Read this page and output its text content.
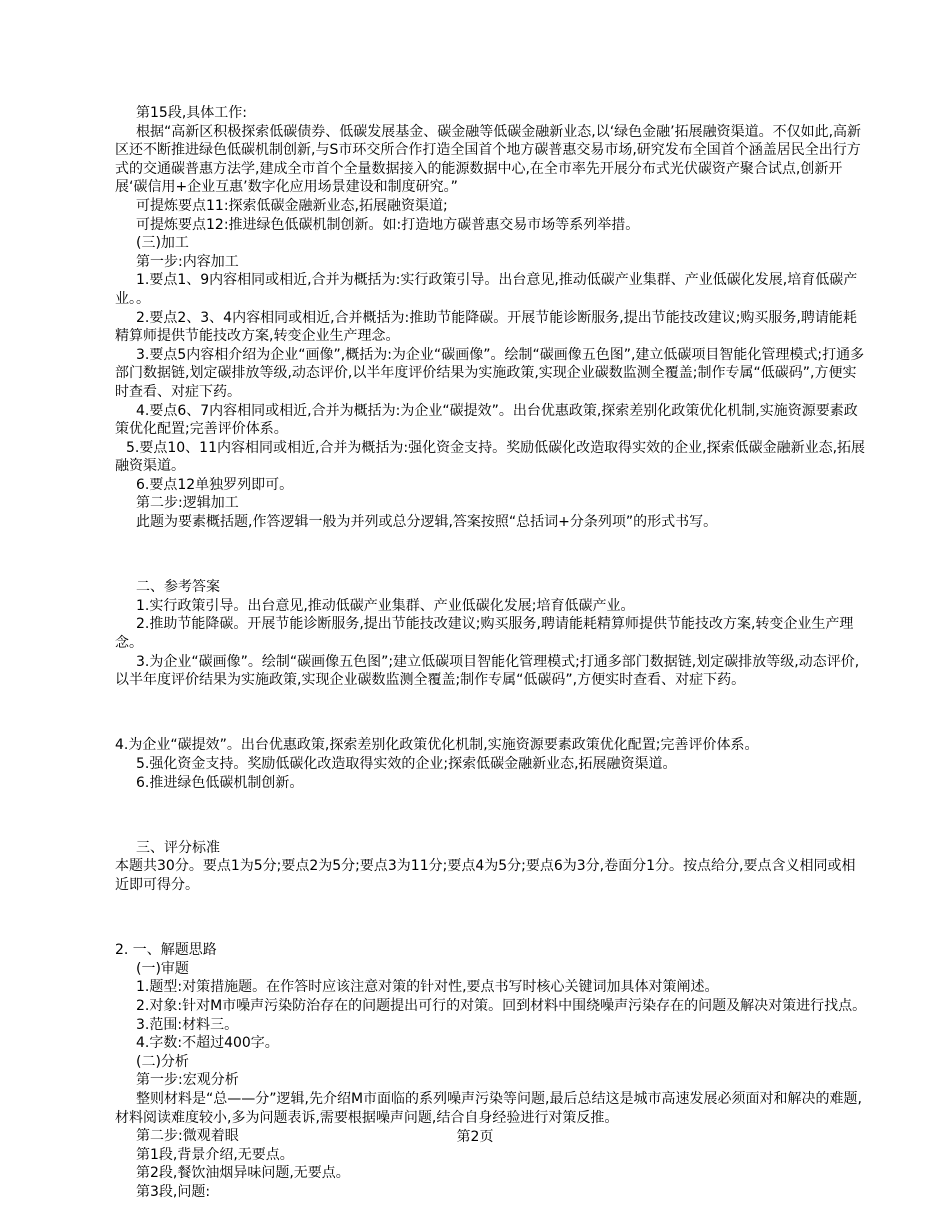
第15段,具体工作:

根据“高新区积极探索低碳债券、低碳发展基金、碳金融等低碳金融新业态,以‘绿色金融’拓展融资渠道。不仅如此,高新区还不断推进绿色低碳机制创新,与S市环交所合作打造全国首个地方碳普惠交易市场,研究发布全国首个涵盖居民全出行方式的交通碳普惠方法学,建成全市首个全量数据接入的能源数据中心,在全市率先开展分布式光伏碳资产聚合试点,创新开展‘碳信用+企业互惠’数字化应用场景建设和制度研究。”

可提炼要点11:探索低碳金融新业态,拓展融资渠道;

可提炼要点12:推进绿色低碳机制创新。如:打造地方碳普惠交易市场等系列举措。

(三)加工

第一步:内容加工

1.要点1、9内容相同或相近,合并为概括为:实行政策引导。出台意见,推动低碳产业集群、产业低碳化发展,培育低碳产业。。

2.要点2、3、4内容相同或相近,合并概括为:推助节能降碳。开展节能诊断服务,提出节能技改建议;购买服务,聘请能耗精算师提供节能技改方案,转变企业生产理念。

3.要点5内容相介绍为企业“画像”,概括为:为企业“碳画像”。绘制“碳画像五色图”,建立低碳项目智能化管理模式;打通多部门数据链,划定碳排放等级,动态评价,以半年度评价结果为实施政策,实现企业碳数监测全覆盖;制作专属“低碳码”,方便实时查看、对症下药。

4.要点6、7内容相同或相近,合并为概括为:为企业“碳提效”。出台优惠政策,探索差别化政策优化机制,实施资源要素政策优化配置;完善评价体系。

5.要点10、11内容相同或相近,合并为概括为:强化资金支持。奖励低碳化改造取得实效的企业,探索低碳金融新业态,拓展融资渠道。

6.要点12单独罗列即可。

第二步:逻辑加工

此题为要素概括题,作答逻辑一般为并列或总分逻辑,答案按照“总括词+分条列项”的形式书写。

二、参考答案

1.实行政策引导。出台意见,推动低碳产业集群、产业低碳化发展;培育低碳产业。

2.推助节能降碳。开展节能诊断服务,提出节能技改建议;购买服务,聘请能耗精算师提供节能技改方案,转变企业生产理念。

3.为企业“碳画像”。绘制“碳画像五色图”;建立低碳项目智能化管理模式;打通多部门数据链,划定碳排放等级,动态评价,以半年度评价结果为实施政策,实现企业碳数监测全覆盖;制作专属“低碳码”,方便实时查看、对症下药。

4.为企业“碳提效”。出台优惠政策,探索差别化政策优化机制,实施资源要素政策优化配置;完善评价体系。

5.强化资金支持。奖励低碳化改造取得实效的企业;探索低碳金融新业态,拓展融资渠道。

6.推进绿色低碳机制创新。

三、评分标准

本题共30分。要点1为5分;要点2为5分;要点3为11分;要点4为5分;要点6为3分,卷面分1分。按点给分,要点含义相同或相近即可得分。

2. 一、解题思路

(一)审题

1.题型:对策措施题。在作答时应该注意对策的针对性,要点书写时核心关键词加具体对策阐述。

2.对象:针对M市噪声污染防治存在的问题提出可行的对策。回到材料中围绕噪声污染存在的问题及解决对策进行找点。

3.范围:材料三。

4.字数:不超过400字。

(二)分析

第一步:宏观分析

整则材料是“总——分”逻辑,先介绍M市面临的系列噪声污染等问题,最后总结这是城市高速发展必须面对和解决的难题,材料阅读难度较小,多为问题表诉,需要根据噪声问题,结合自身经验进行对策反推。

第二步:微观着眼

第1段,背景介绍,无要点。

第2段,餐饮油烟异味问题,无要点。

第3段,问题:

第2页
